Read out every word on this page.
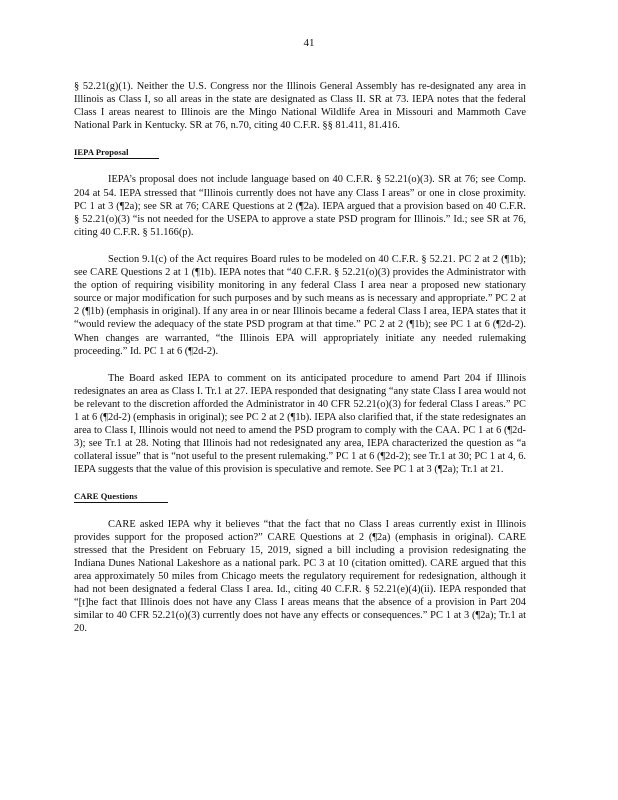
41

§ 52.21(g)(1). Neither the U.S. Congress nor the Illinois General Assembly has re-designated any area in Illinois as Class I, so all areas in the state are designated as Class II. SR at 73. IEPA notes that the federal Class I areas nearest to Illinois are the Mingo National Wildlife Area in Missouri and Mammoth Cave National Park in Kentucky. SR at 76, n.70, citing 40 C.F.R. §§ 81.411, 81.416.

IEPA Proposal

IEPA’s proposal does not include language based on 40 C.F.R. § 52.21(o)(3). SR at 76; see Comp. 204 at 54. IEPA stressed that “Illinois currently does not have any Class I areas” or one in close proximity. PC 1 at 3 (¶2a); see SR at 76; CARE Questions at 2 (¶2a). IEPA argued that a provision based on 40 C.F.R. § 52.21(o)(3) “is not needed for the USEPA to approve a state PSD program for Illinois.” Id.; see SR at 76, citing 40 C.F.R. § 51.166(p).

Section 9.1(c) of the Act requires Board rules to be modeled on 40 C.F.R. § 52.21. PC 2 at 2 (¶1b); see CARE Questions 2 at 1 (¶1b). IEPA notes that “40 C.F.R. § 52.21(o)(3) provides the Administrator with the option of requiring visibility monitoring in any federal Class I area near a proposed new stationary source or major modification for such purposes and by such means as is necessary and appropriate.” PC 2 at 2 (¶1b) (emphasis in original). If any area in or near Illinois became a federal Class I area, IEPA states that it “would review the adequacy of the state PSD program at that time.” PC 2 at 2 (¶1b); see PC 1 at 6 (¶2d-2). When changes are warranted, “the Illinois EPA will appropriately initiate any needed rulemaking proceeding.” Id. PC 1 at 6 (¶2d-2).

The Board asked IEPA to comment on its anticipated procedure to amend Part 204 if Illinois redesignates an area as Class I. Tr.1 at 27. IEPA responded that designating “any state Class I area would not be relevant to the discretion afforded the Administrator in 40 CFR 52.21(o)(3) for federal Class I areas.” PC 1 at 6 (¶2d-2) (emphasis in original); see PC 2 at 2 (¶1b). IEPA also clarified that, if the state redesignates an area to Class I, Illinois would not need to amend the PSD program to comply with the CAA. PC 1 at 6 (¶2d-3); see Tr.1 at 28. Noting that Illinois had not redesignated any area, IEPA characterized the question as “a collateral issue” that is “not useful to the present rulemaking.” PC 1 at 6 (¶2d-2); see Tr.1 at 30; PC 1 at 4, 6. IEPA suggests that the value of this provision is speculative and remote. See PC 1 at 3 (¶2a); Tr.1 at 21.

CARE Questions

CARE asked IEPA why it believes “that the fact that no Class I areas currently exist in Illinois provides support for the proposed action?” CARE Questions at 2 (¶2a) (emphasis in original). CARE stressed that the President on February 15, 2019, signed a bill including a provision redesignating the Indiana Dunes National Lakeshore as a national park. PC 3 at 10 (citation omitted). CARE argued that this area approximately 50 miles from Chicago meets the regulatory requirement for redesignation, although it had not been designated a federal Class I area. Id., citing 40 C.F.R. § 52.21(e)(4)(ii). IEPA responded that “[t]he fact that Illinois does not have any Class I areas means that the absence of a provision in Part 204 similar to 40 CFR 52.21(o)(3) currently does not have any effects or consequences.” PC 1 at 3 (¶2a); Tr.1 at 20.
